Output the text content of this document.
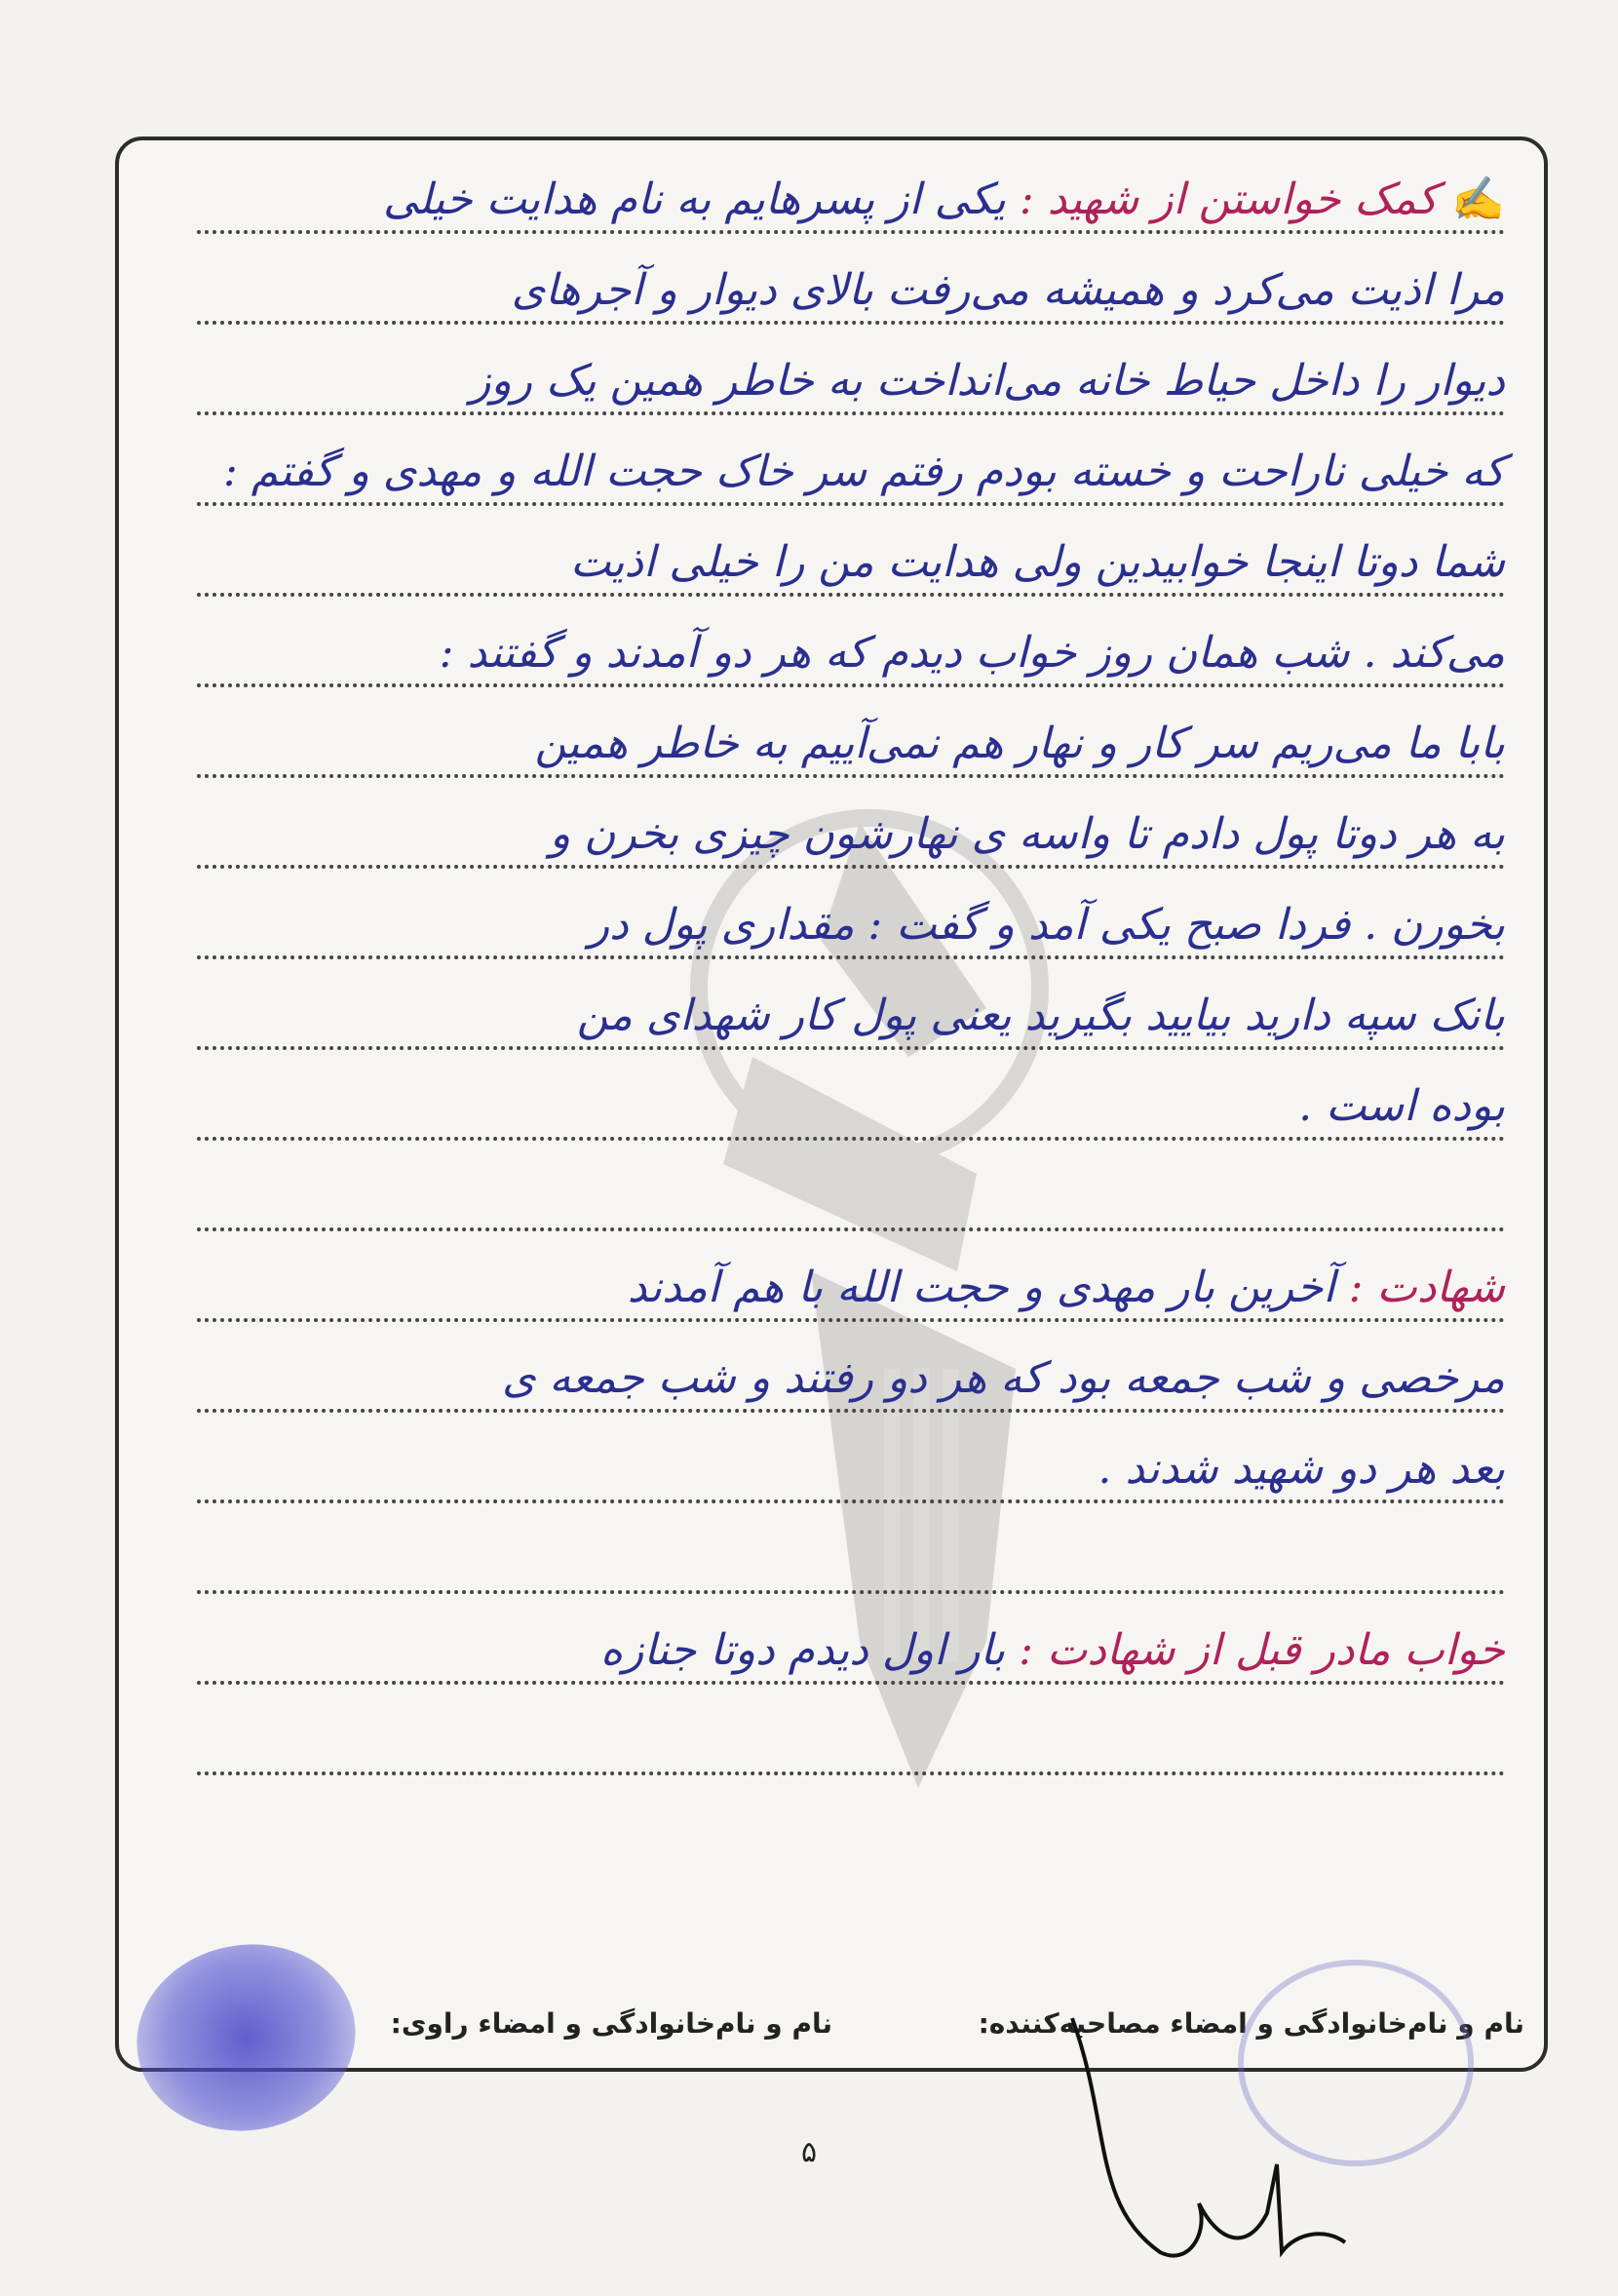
✍کمک خواستن از شهید : یکی از پسرهایم به نام هدایت خیلی
مرا اذیت می‌کرد و همیشه می‌رفت بالای دیوار و آجرهای
دیوار را داخل حیاط خانه می‌انداخت به خاطر همین یک روز
که خیلی ناراحت و خسته بودم رفتم سر خاک حجت الله و مهدی و گفتم :
شما دوتا اینجا خوابیدین ولی هدایت من را خیلی اذیت
می‌کند . شب همان روز خواب دیدم که هر دو آمدند و گفتند :
بابا ما می‌ریم سر کار و نهار هم نمی‌آییم به خاطر همین
به هر دوتا پول دادم تا واسه ی نهارشون چیزی بخرن و
بخورن . فردا صبح یکی آمد و گفت : مقداری پول در
بانک سپه دارید بیایید بگیرید یعنی پول کار شهدای من
بوده است .
شهادت : آخرین بار مهدی و حجت الله با هم آمدند
مرخصی و شب جمعه بود که هر دو رفتند و شب جمعه ی
بعد هر دو شهید شدند .
خواب مادر قبل از شهادت : بار اول دیدم دوتا جنازه
نام و نام‌خانوادگی و امضاء مصاحبه‌کننده:
نام و نام‌خانوادگی و امضاء راوی:
۵
